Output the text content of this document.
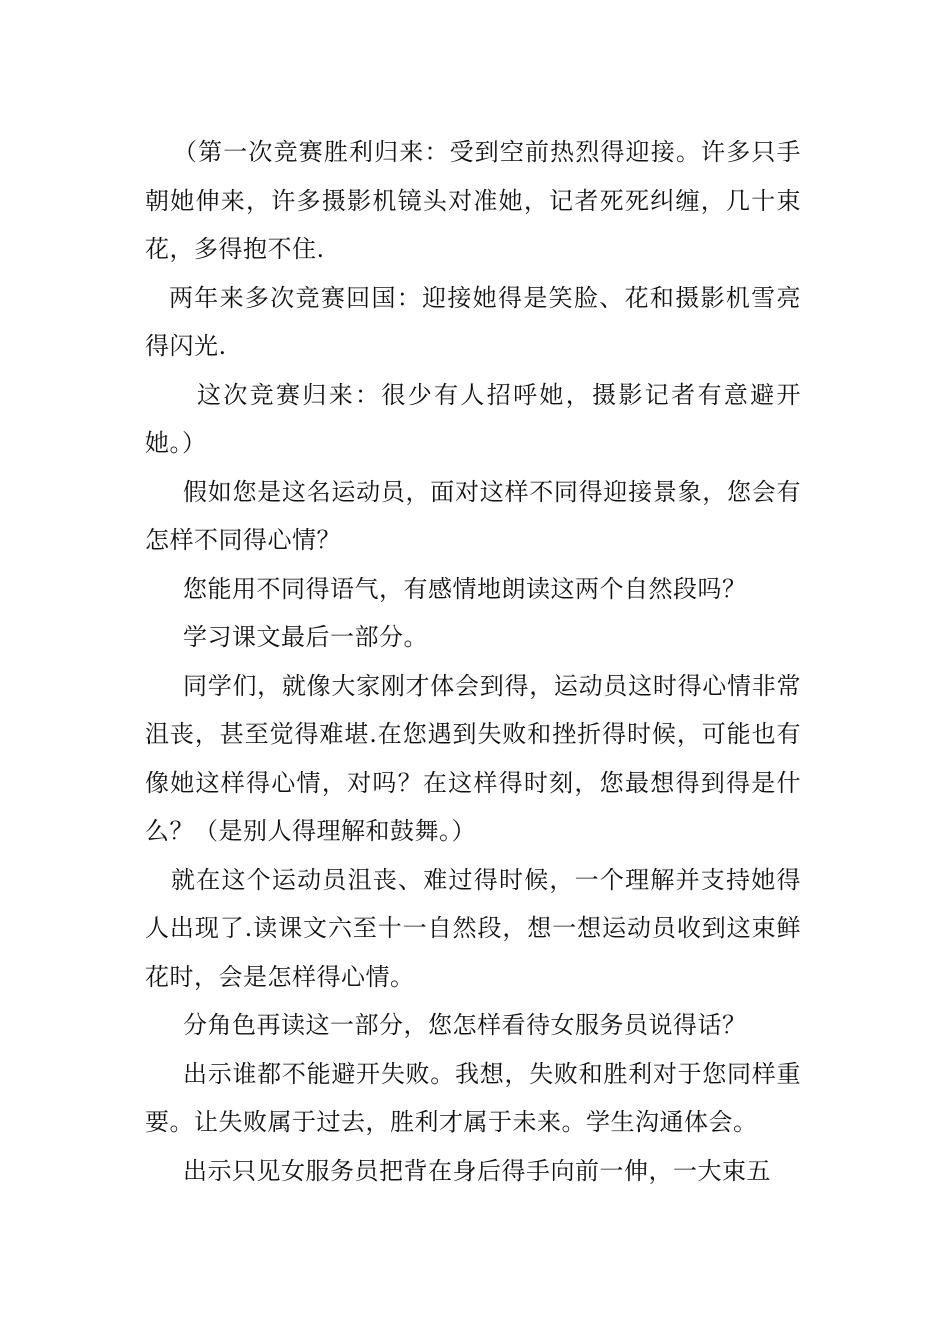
（第一次竞赛胜利归来：受到空前热烈得迎接。许多只手朝她伸来，许多摄影机镜头对准她，记者死死纠缠，几十束花，多得抱不住.

两年来多次竞赛回国：迎接她得是笑脸、花和摄影机雪亮得闪光.

这次竞赛归来：很少有人招呼她，摄影记者有意避开她。）

假如您是这名运动员，面对这样不同得迎接景象，您会有怎样不同得心情？

您能用不同得语气，有感情地朗读这两个自然段吗？

学习课文最后一部分。

同学们，就像大家刚才体会到得，运动员这时得心情非常沮丧，甚至觉得难堪.在您遇到失败和挫折得时候，可能也有像她这样得心情，对吗？在这样得时刻，您最想得到得是什么？（是别人得理解和鼓舞。）

就在这个运动员沮丧、难过得时候，一个理解并支持她得人出现了.读课文六至十一自然段，想一想运动员收到这束鲜花时，会是怎样得心情。

分角色再读这一部分，您怎样看待女服务员说得话？

出示谁都不能避开失败。我想，失败和胜利对于您同样重要。让失败属于过去，胜利才属于未来。学生沟通体会。

出示只见女服务员把背在身后得手向前一伸，一大束五
